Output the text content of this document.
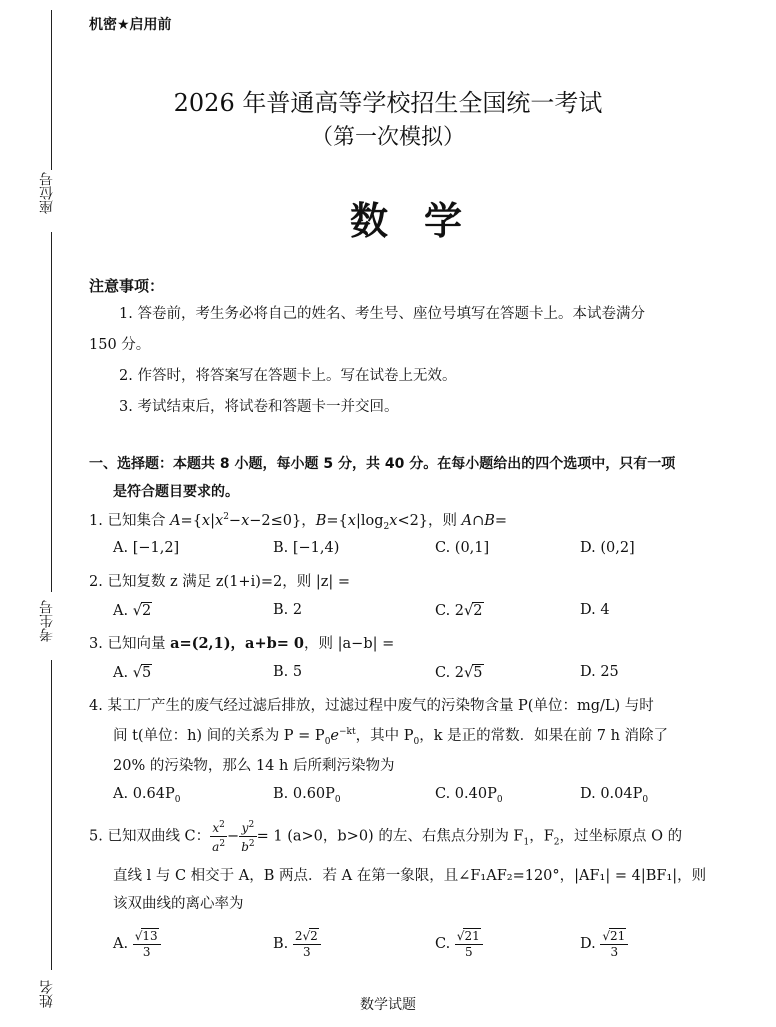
座位号
考生号
姓名
机密★启用前
2026 年普通高等学校招生全国统一考试
（第一次模拟）
数学
注意事项：
1. 答卷前，考生务必将自己的姓名、考生号、座位号填写在答题卡上。本试卷满分
150 分。
2. 作答时，将答案写在答题卡上。写在试卷上无效。
3. 考试结束后，将试卷和答题卡一并交回。
一、选择题：本题共 8 小题，每小题 5 分，共 40 分。在每小题给出的四个选项中，只有一项
是符合题目要求的。
1. 已知集合 $A=\{x|x^2-x-2\le 0\}$，$B=\{x|\log_2x<2\}$，则 A∩B=
A. [−1,2]	B. [−1,4)	C. (0,1]	D. (0,2]
2. 已知复数 z 满足 z(1+i)=2，则 |z| =
A. √2	B. 2	C. 2√2	D. 4
3. 已知向量 a=(2,1)，a+b= 0，则 |a−b| =
A. √5	B. 5	C. 2√5	D. 25
4. 某工厂产生的废气经过滤后排放，过滤过程中废气的污染物含量 P(单位：mg/L) 与时
间 t(单位：h) 间的关系为 $P = P_0e^{-kt}$，其中 $P_0$，k 是正的常数．如果在前 7 h 消除了
20% 的污染物，那么 14 h 后所剩污染物为
A. $0.64P_0$	B. $0.60P_0$	C. $0.40P_0$	D. $0.04P_0$
5. 已知双曲线 C： $\frac{x^2}{a^2} - \frac{y^2}{b^2} = 1$ (a>0，b>0) 的左、右焦点分别为 $F_1$，$F_2$，过坐标原点 O 的
直线 l 与 C 相交于 A，B 两点．若 A 在第一象限，且∠F₁AF₂=120°，|AF₁| = 4|BF₁|，则
该双曲线的离心率为
A. $\frac{√13}{3}$	B. $\frac{2√2}{3}$	C. $\frac{√21}{5}$	D. $\frac{√21}{3}$
数学试题
